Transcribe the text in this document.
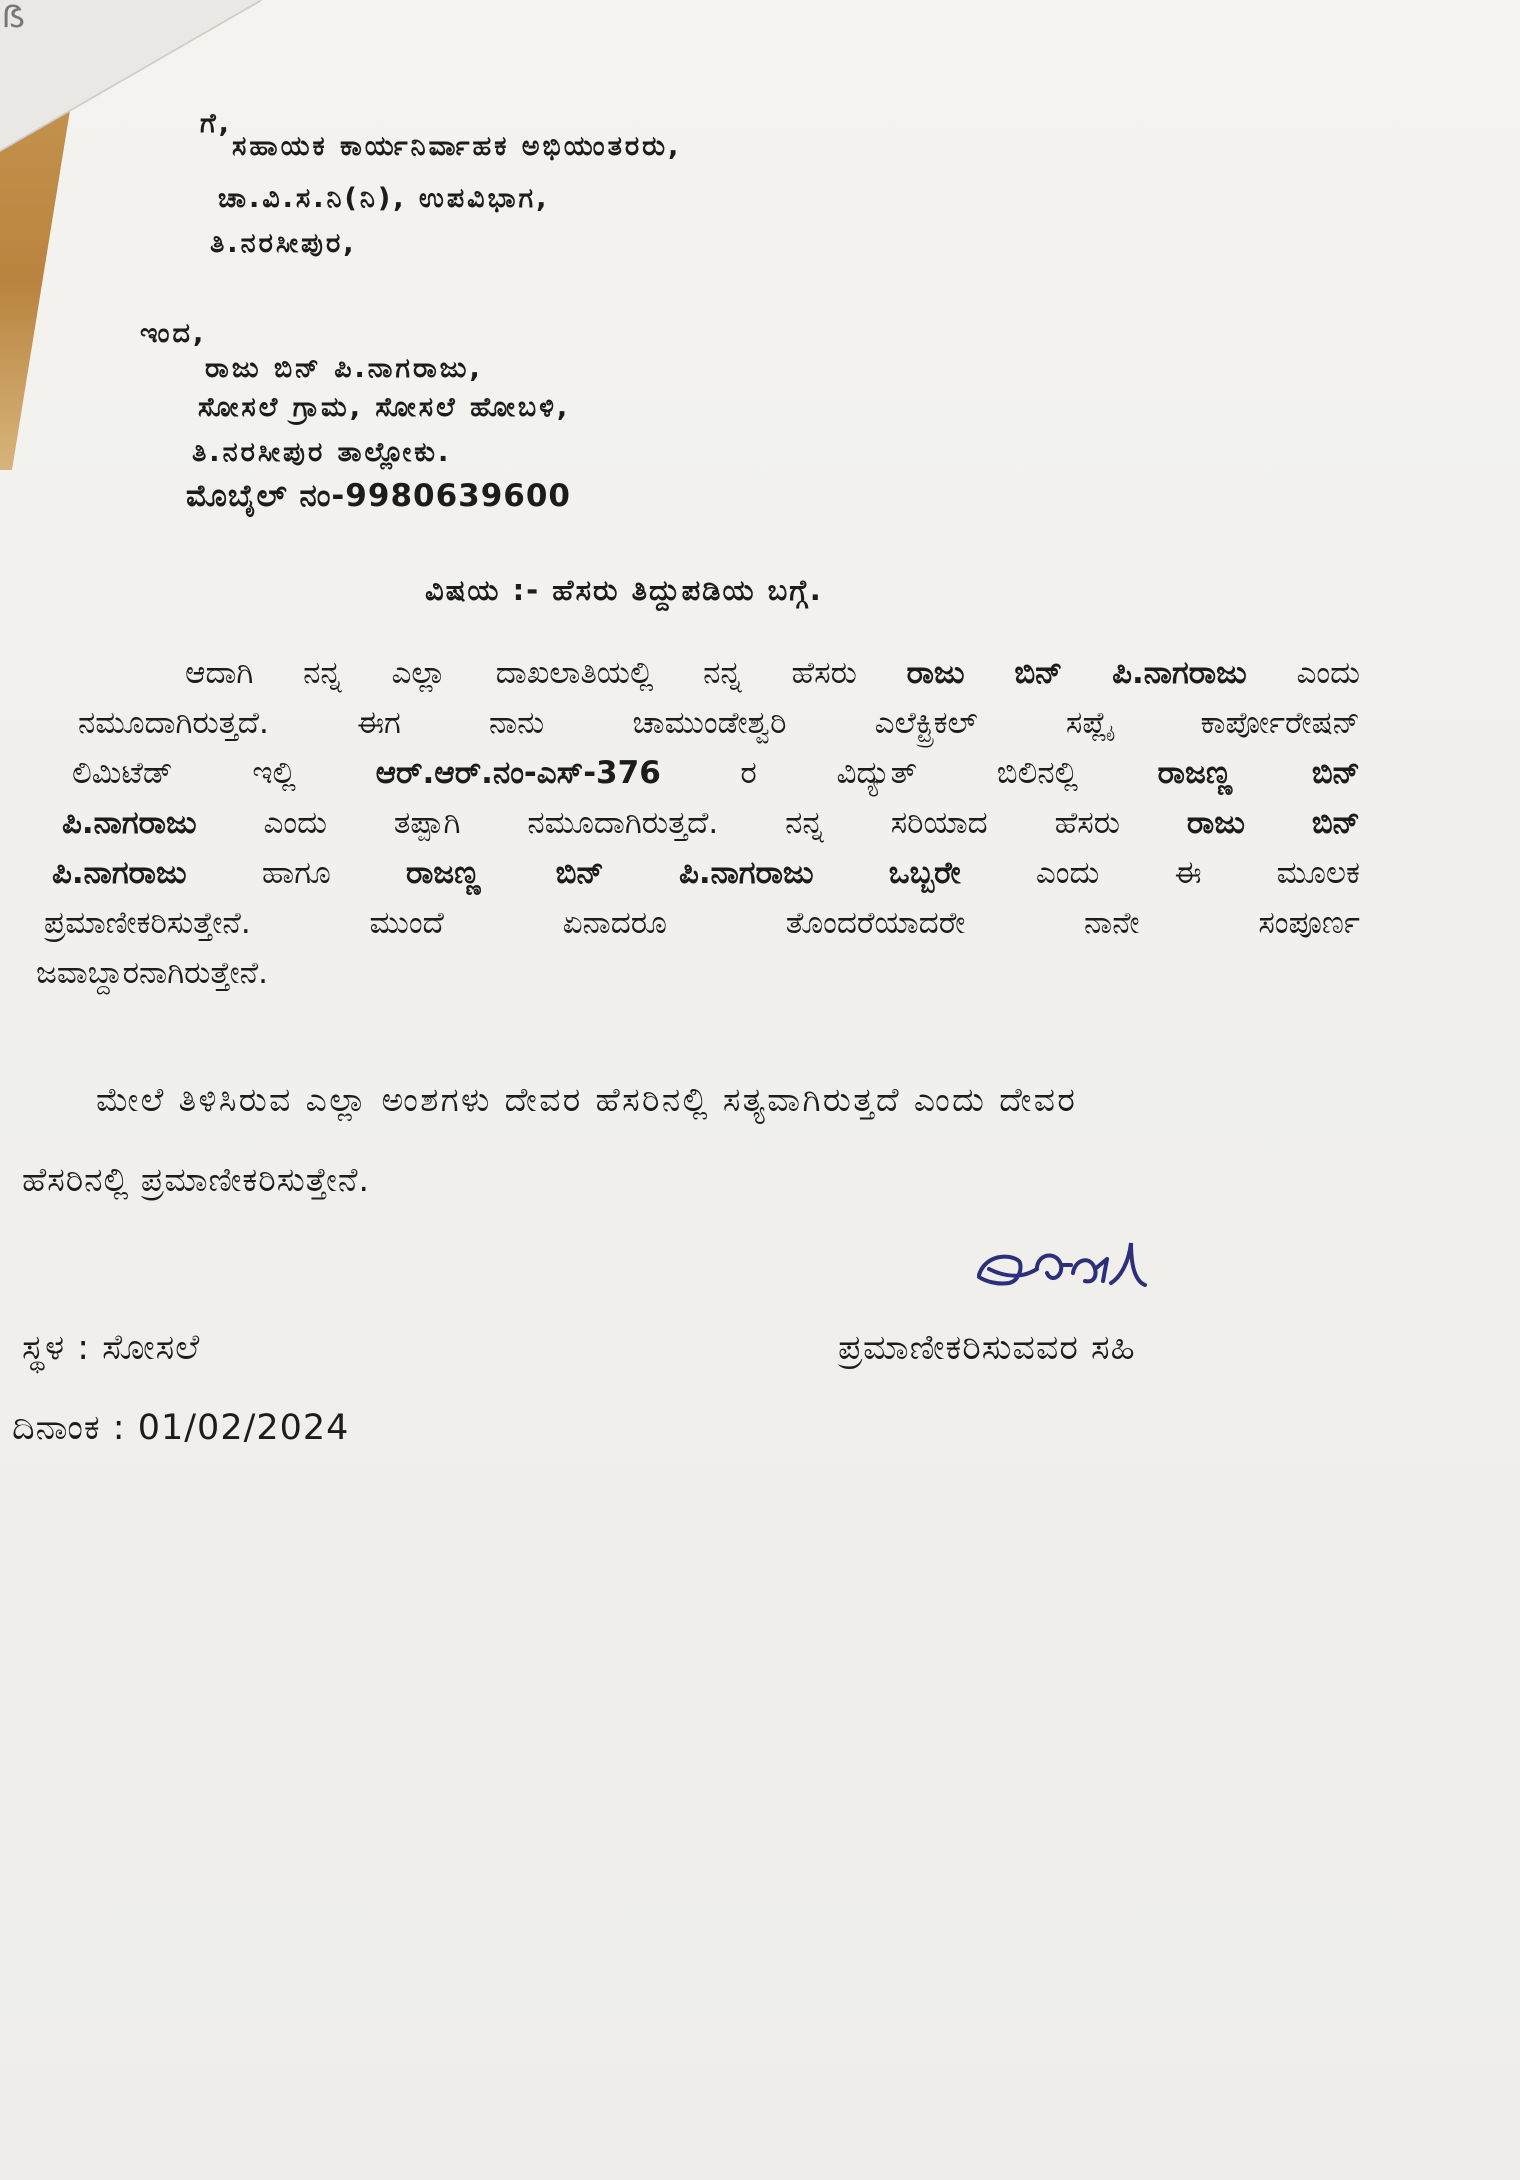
ẞ
ಗೆ,
ಸಹಾಯಕ ಕಾರ್ಯನಿರ್ವಾಹಕ ಅಭಿಯಂತರರು,
ಚಾ.ವಿ.ಸ.ನಿ(ನಿ), ಉಪವಿಭಾಗ,
ತಿ.ನರಸೀಪುರ,
ಇಂದ,
ರಾಜು ಬಿನ್ ಪಿ.ನಾಗರಾಜು,
ಸೋಸಲೆ ಗ್ರಾಮ, ಸೋಸಲೆ ಹೋಬಳಿ,
ತಿ.ನರಸೀಪುರ ತಾಲ್ಲೋಕು.
ಮೊಬೈಲ್ ನಂ-9980639600
ವಿಷಯ :- ಹೆಸರು ತಿದ್ದುಪಡಿಯ ಬಗ್ಗೆ.
ಆದಾಗಿ ನನ್ನ ಎಲ್ಲಾ ದಾಖಲಾತಿಯಲ್ಲಿ ನನ್ನ ಹೆಸರು ರಾಜು ಬಿನ್ ಪಿ.ನಾಗರಾಜು ಎಂದು
ನಮೂದಾಗಿರುತ್ತದೆ.	ಈಗ	ನಾನು	ಚಾಮುಂಡೇಶ್ವರಿ	ಎಲೆಕ್ಟ್ರಿಕಲ್	ಸಪ್ಲೈ	ಕಾರ್ಪೋರೇಷನ್
ಲಿಮಿಟೆಡ್	ಇಲ್ಲಿ	ಆರ್.ಆರ್.ನಂ-ಎಸ್-376	ರ	ವಿದ್ಯುತ್	ಬಿಲಿನಲ್ಲಿ	ರಾಜಣ್ಣ	ಬಿನ್
ಪಿ.ನಾಗರಾಜು ಎಂದು ತಪ್ಪಾಗಿ ನಮೂದಾಗಿರುತ್ತದೆ. ನನ್ನ ಸರಿಯಾದ ಹೆಸರು ರಾಜು ಬಿನ್
ಪಿ.ನಾಗರಾಜು ಹಾಗೂ ರಾಜಣ್ಣ ಬಿನ್ ಪಿ.ನಾಗರಾಜು ಒಬ್ಬರೇ ಎಂದು ಈ ಮೂಲಕ
ಪ್ರಮಾಣೀಕರಿಸುತ್ತೇನೆ.	ಮುಂದೆ	ಏನಾದರೂ	ತೊಂದರೆಯಾದರೇ	ನಾನೇ	ಸಂಪೂರ್ಣ
ಜವಾಬ್ದಾರನಾಗಿರುತ್ತೇನೆ.
ಮೇಲೆ ತಿಳಿಸಿರುವ ಎಲ್ಲಾ ಅಂಶಗಳು ದೇವರ ಹೆಸರಿನಲ್ಲಿ ಸತ್ಯವಾಗಿರುತ್ತದೆ ಎಂದು ದೇವರ
ಹೆಸರಿನಲ್ಲಿ ಪ್ರಮಾಣೀಕರಿಸುತ್ತೇನೆ.
ಸ್ಥಳ : ಸೋಸಲೆ	ಪ್ರಮಾಣೀಕರಿಸುವವರ ಸಹಿ
ದಿನಾಂಕ : 01/02/2024
